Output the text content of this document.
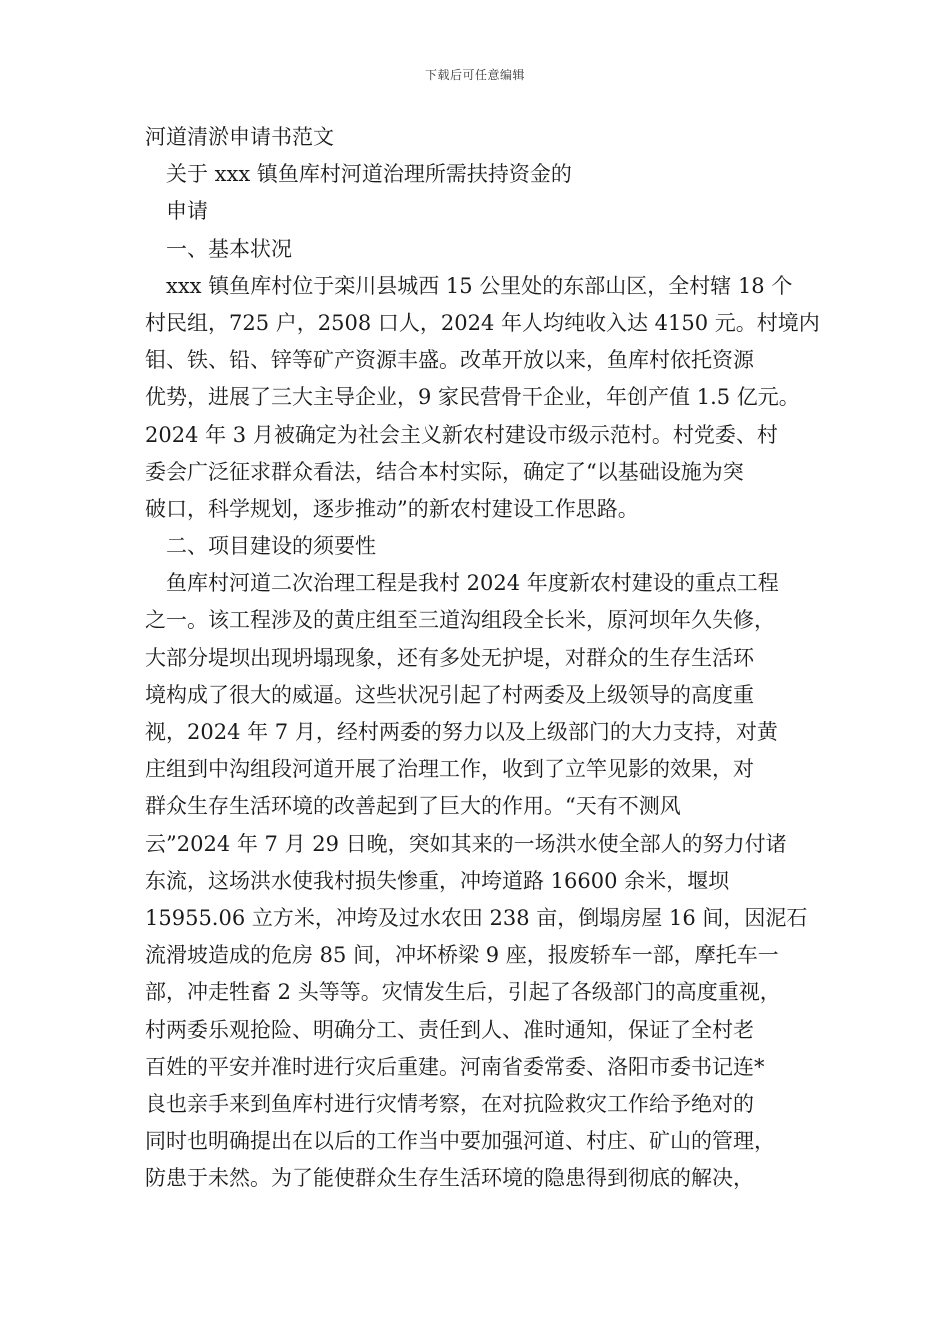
下载后可任意编辑
河道清淤申请书范文
关于 xxx 镇鱼库村河道治理所需扶持资金的
申请
一、基本状况
xxx 镇鱼库村位于栾川县城西 15 公里处的东部山区，全村辖 18 个
村民组，725 户，2508 口人，2024 年人均纯收入达 4150 元。村境内
钼、铁、铅、锌等矿产资源丰盛。改革开放以来，鱼库村依托资源
优势，进展了三大主导企业，9 家民营骨干企业，年创产值 1.5 亿元。
2024 年 3 月被确定为社会主义新农村建设市级示范村。村党委、村
委会广泛征求群众看法，结合本村实际，确定了“以基础设施为突
破口，科学规划，逐步推动”的新农村建设工作思路。
二、项目建设的须要性
鱼库村河道二次治理工程是我村 2024 年度新农村建设的重点工程
之一。该工程涉及的黄庄组至三道沟组段全长米，原河坝年久失修，
大部分堤坝出现坍塌现象，还有多处无护堤，对群众的生存生活环
境构成了很大的威逼。这些状况引起了村两委及上级领导的高度重
视，2024 年 7 月，经村两委的努力以及上级部门的大力支持，对黄
庄组到中沟组段河道开展了治理工作，收到了立竿见影的效果，对
群众生存生活环境的改善起到了巨大的作用。“天有不测风
云”2024 年 7 月 29 日晚，突如其来的一场洪水使全部人的努力付诸
东流，这场洪水使我村损失惨重，冲垮道路 16600 余米，堰坝
15955.06 立方米，冲垮及过水农田 238 亩，倒塌房屋 16 间，因泥石
流滑坡造成的危房 85 间，冲坏桥梁 9 座，报废轿车一部，摩托车一
部，冲走牲畜 2 头等等。灾情发生后，引起了各级部门的高度重视，
村两委乐观抢险、明确分工、责任到人、准时通知，保证了全村老
百姓的平安并准时进行灾后重建。河南省委常委、洛阳市委书记连*
良也亲手来到鱼库村进行灾情考察，在对抗险救灾工作给予绝对的
同时也明确提出在以后的工作当中要加强河道、村庄、矿山的管理，
防患于未然。为了能使群众生存生活环境的隐患得到彻底的解决，
